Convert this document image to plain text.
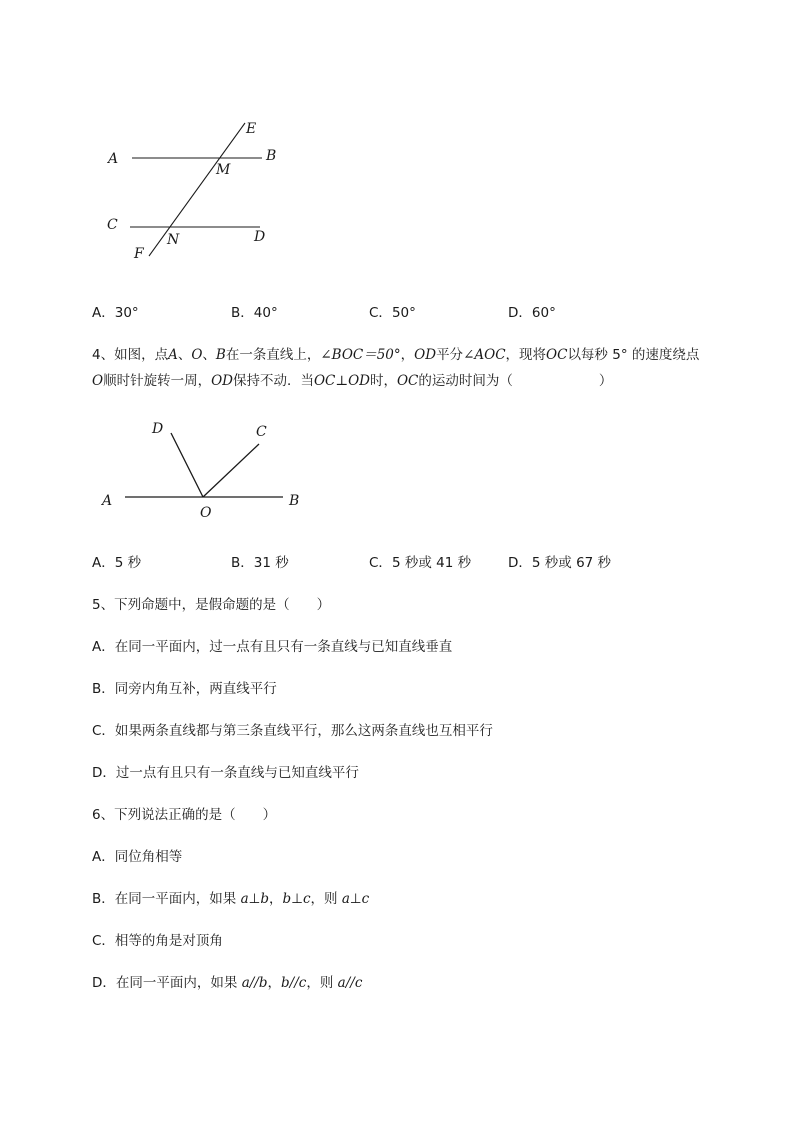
E
A	B
M
C
D
N
F
A．30°	B．40°	C．50°	D．60°
4、如图，点A、O、B在一条直线上，∠BOC＝50°，OD平分∠AOC，现将OC以每秒 5° 的速度绕点
O顺时针旋转一周，OD保持不动．当OC⊥OD时，OC的运动时间为（	）
D	C
A
O
B
A．5 秒	B．31 秒	C．5 秒或 41 秒	D．5 秒或 67 秒
5、下列命题中，是假命题的是（　　）
A．在同一平面内，过一点有且只有一条直线与已知直线垂直
B．同旁内角互补，两直线平行
C．如果两条直线都与第三条直线平行，那么这两条直线也互相平行
D．过一点有且只有一条直线与已知直线平行
6、下列说法正确的是（　　）
A．同位角相等
B．在同一平面内，如果 a⊥b，b⊥c，则 a⊥c
C．相等的角是对顶角
D．在同一平面内，如果 a//b，b//c，则 a//c
